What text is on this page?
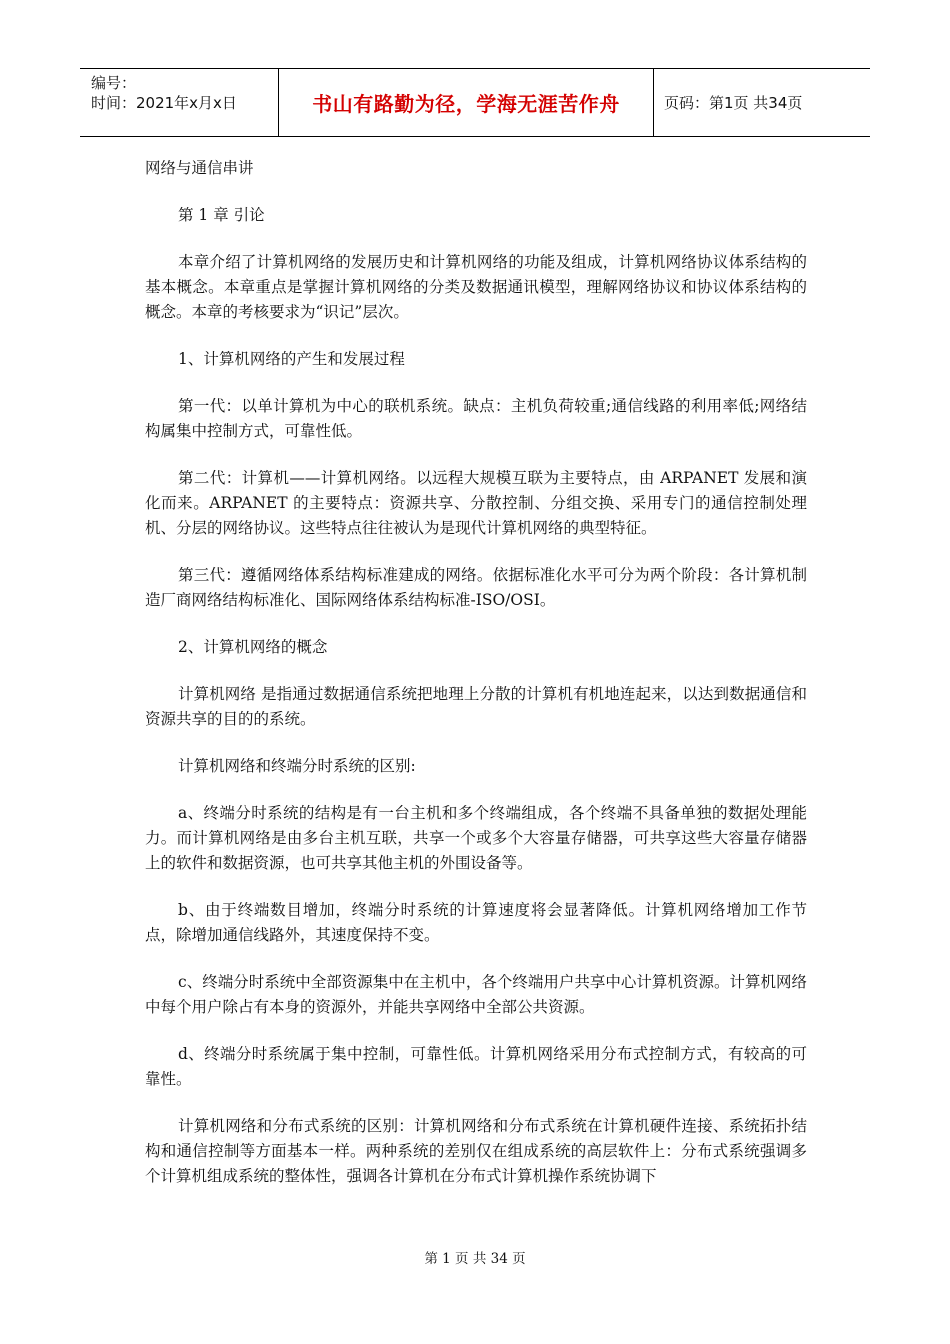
编号：
时间：2021年x月x日	书山有路勤为径，学海无涯苦作舟	页码：第1页 共34页

网络与通信串讲

第 1 章 引论

本章介绍了计算机网络的发展历史和计算机网络的功能及组成，计算机网络协议体系结构的基本概念。本章重点是掌握计算机网络的分类及数据通讯模型，理解网络协议和协议体系结构的概念。本章的考核要求为“识记”层次。

1、计算机网络的产生和发展过程

第一代：以单计算机为中心的联机系统。缺点：主机负荷较重;通信线路的利用率低;网络结构属集中控制方式，可靠性低。

第二代：计算机——计算机网络。以远程大规模互联为主要特点，由 ARPANET 发展和演化而来。ARPANET 的主要特点：资源共享、分散控制、分组交换、采用专门的通信控制处理机、分层的网络协议。这些特点往往被认为是现代计算机网络的典型特征。

第三代：遵循网络体系结构标准建成的网络。依据标准化水平可分为两个阶段：各计算机制造厂商网络结构标准化、国际网络体系结构标准-ISO/OSI。

2、计算机网络的概念

计算机网络 是指通过数据通信系统把地理上分散的计算机有机地连起来，以达到数据通信和资源共享的目的的系统。

计算机网络和终端分时系统的区别:

a、终端分时系统的结构是有一台主机和多个终端组成，各个终端不具备单独的数据处理能力。而计算机网络是由多台主机互联，共享一个或多个大容量存储器，可共享这些大容量存储器上的软件和数据资源，也可共享其他主机的外围设备等。

b、由于终端数目增加，终端分时系统的计算速度将会显著降低。计算机网络增加工作节点，除增加通信线路外，其速度保持不变。

c、终端分时系统中全部资源集中在主机中，各个终端用户共享中心计算机资源。计算机网络中每个用户除占有本身的资源外，并能共享网络中全部公共资源。

d、终端分时系统属于集中控制，可靠性低。计算机网络采用分布式控制方式，有较高的可靠性。

计算机网络和分布式系统的区别：计算机网络和分布式系统在计算机硬件连接、系统拓扑结构和通信控制等方面基本一样。两种系统的差别仅在组成系统的高层软件上：分布式系统强调多个计算机组成系统的整体性，强调各计算机在分布式计算机操作系统协调下

第 1 页 共 34 页
